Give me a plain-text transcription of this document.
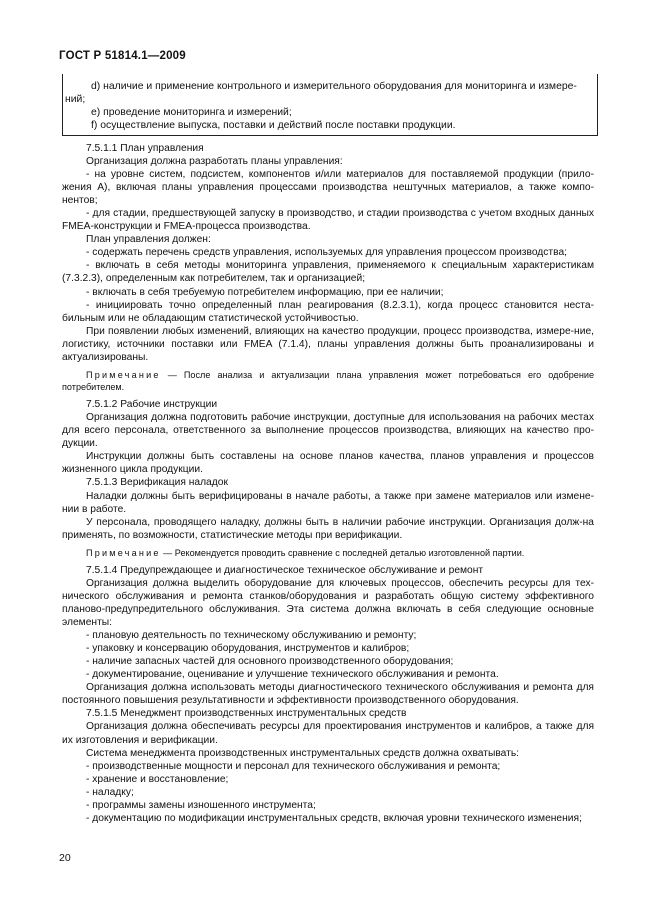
ГОСТ Р 51814.1—2009
d) наличие и применение контрольного и измерительного оборудования для мониторинга и измере-
ний;
е) проведение мониторинга и измерений;
f) осуществление выпуска, поставки и действий после поставки продукции.

7.5.1.1 План управления

Организация должна разработать планы управления:

- на уровне систем, подсистем, компонентов и/или материалов для поставляемой продукции (прило-жения А), включая планы управления процессами производства нештучных материалов, а также компо-нентов;

- для стадии, предшествующей запуску в производство, и стадии производства с учетом входных данных FMEA-конструкции и FMEA-процесса производства.

План управления должен:

- содержать перечень средств управления, используемых для управления процессом производства;

- включать в себя методы мониторинга управления, применяемого к специальным характеристикам (7.3.2.3), определенным как потребителем, так и организацией;

- включать в себя требуемую потребителем информацию, при ее наличии;

- инициировать точно определенный план реагирования (8.2.3.1), когда процесс становится неста-бильным или не обладающим статистической устойчивостью.

При появлении любых изменений, влияющих на качество продукции, процесс производства, измере-ние, логистику, источники поставки или FMEA (7.1.4), планы управления должны быть проанализированы и актуализированы.

Примечание — После анализа и актуализации плана управления может потребоваться его одобрение потребителем.

7.5.1.2 Рабочие инструкции

Организация должна подготовить рабочие инструкции, доступные для использования на рабочих местах для всего персонала, ответственного за выполнение процессов производства, влияющих на качество про-дукции.

Инструкции должны быть составлены на основе планов качества, планов управления и процессов жизненного цикла продукции.

7.5.1.3 Верификация наладок

Наладки должны быть верифицированы в начале работы, а также при замене материалов или измене-нии в работе.

У персонала, проводящего наладку, должны быть в наличии рабочие инструкции. Организация долж-на применять, по возможности, статистические методы при верификации.

Примечание — Рекомендуется проводить сравнение с последней деталью изготовленной партии.

7.5.1.4 Предупреждающее и диагностическое техническое обслуживание и ремонт

Организация должна выделить оборудование для ключевых процессов, обеспечить ресурсы для тех-нического обслуживания и ремонта станков/оборудования и разработать общую систему эффективного планово-предупредительного обслуживания. Эта система должна включать в себя следующие основные элементы:

- плановую деятельность по техническому обслуживанию и ремонту;

- упаковку и консервацию оборудования, инструментов и калибров;

- наличие запасных частей для основного производственного оборудования;

- документирование, оценивание и улучшение технического обслуживания и ремонта.

Организация должна использовать методы диагностического технического обслуживания и ремонта для постоянного повышения результативности и эффективности производственного оборудования.

7.5.1.5 Менеджмент производственных инструментальных средств

Организация должна обеспечивать ресурсы для проектирования инструментов и калибров, а также для их изготовления и верификации.

Система менеджмента производственных инструментальных средств должна охватывать:

- производственные мощности и персонал для технического обслуживания и ремонта;

- хранение и восстановление;

- наладку;

- программы замены изношенного инструмента;

- документацию по модификации инструментальных средств, включая уровни технического изменения;

20
